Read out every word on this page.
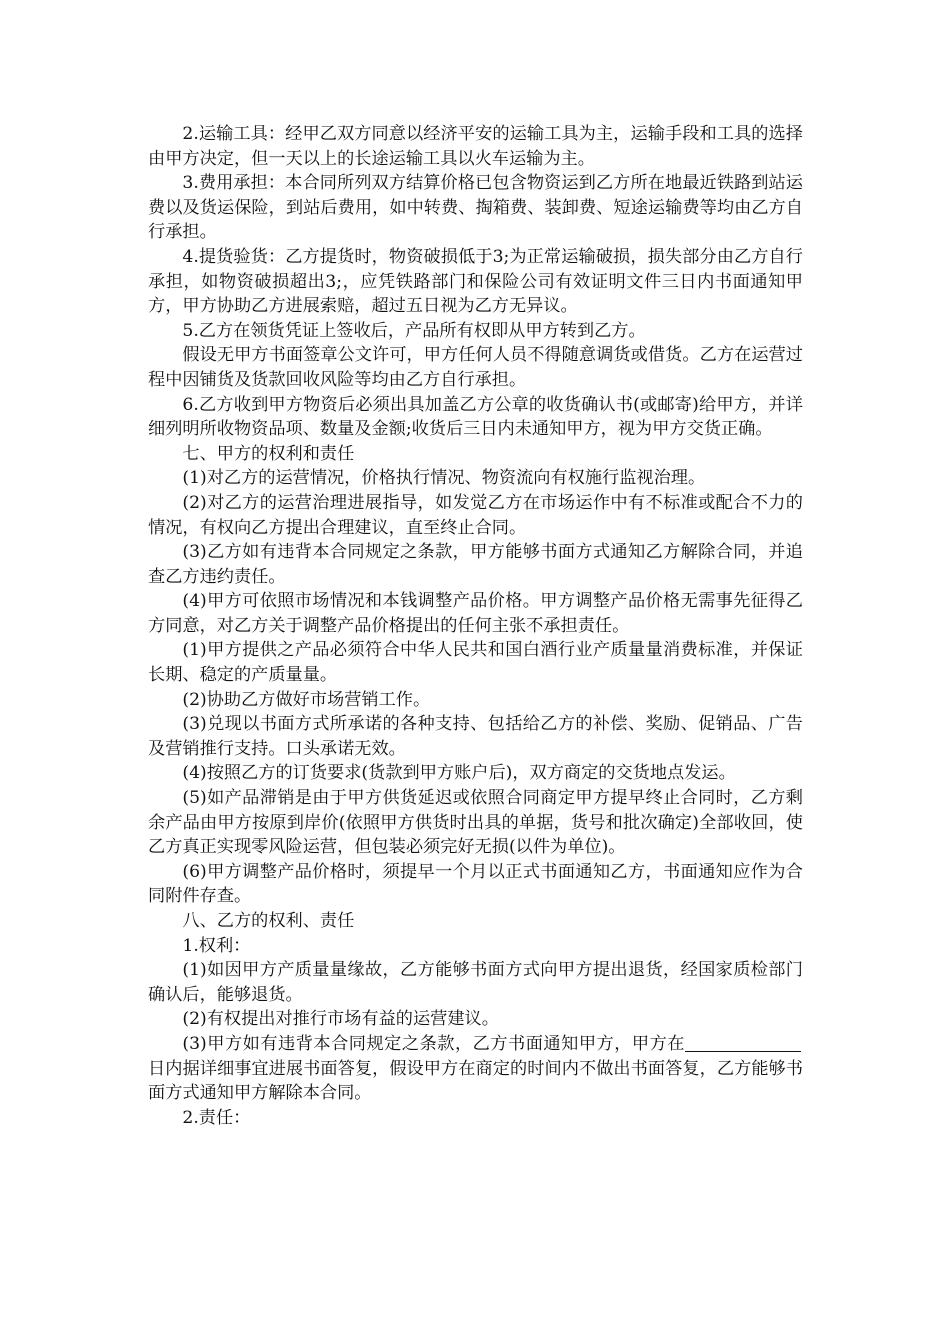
2.运输工具：经甲乙双方同意以经济平安的运输工具为主，运输手段和工具的选择由甲方决定，但一天以上的长途运输工具以火车运输为主。

3.费用承担：本合同所列双方结算价格已包含物资运到乙方所在地最近铁路到站运费以及货运保险，到站后费用，如中转费、掏箱费、装卸费、短途运输费等均由乙方自行承担。

4.提货验货：乙方提货时，物资破损低于3;为正常运输破损，损失部分由乙方自行承担，如物资破损超出3;，应凭铁路部门和保险公司有效证明文件三日内书面通知甲方，甲方协助乙方进展索赔，超过五日视为乙方无异议。

5.乙方在领货凭证上签收后，产品所有权即从甲方转到乙方。

假设无甲方书面签章公文许可，甲方任何人员不得随意调货或借货。乙方在运营过程中因铺货及货款回收风险等均由乙方自行承担。

6.乙方收到甲方物资后必须出具加盖乙方公章的收货确认书(或邮寄)给甲方，并详细列明所收物资品项、数量及金额;收货后三日内未通知甲方，视为甲方交货正确。

七、甲方的权利和责任

(1)对乙方的运营情况，价格执行情况、物资流向有权施行监视治理。

(2)对乙方的运营治理进展指导，如发觉乙方在市场运作中有不标准或配合不力的情况，有权向乙方提出合理建议，直至终止合同。

(3)乙方如有违背本合同规定之条款，甲方能够书面方式通知乙方解除合同，并追查乙方违约责任。

(4)甲方可依照市场情况和本钱调整产品价格。甲方调整产品价格无需事先征得乙方同意，对乙方关于调整产品价格提出的任何主张不承担责任。

(1)甲方提供之产品必须符合中华人民共和国白酒行业产质量量消费标准，并保证长期、稳定的产质量量。

(2)协助乙方做好市场营销工作。

(3)兑现以书面方式所承诺的各种支持、包括给乙方的补偿、奖励、促销品、广告及营销推行支持。口头承诺无效。

(4)按照乙方的订货要求(货款到甲方账户后)，双方商定的交货地点发运。

(5)如产品滞销是由于甲方供货延迟或依照合同商定甲方提早终止合同时，乙方剩余产品由甲方按原到岸价(依照甲方供货时出具的单据，货号和批次确定)全部收回，使乙方真正实现零风险运营，但包装必须完好无损(以件为单位)。

(6)甲方调整产品价格时，须提早一个月以正式书面通知乙方，书面通知应作为合同附件存查。

八、乙方的权利、责任

1.权利：

(1)如因甲方产质量量缘故，乙方能够书面方式向甲方提出退货，经国家质检部门确认后，能够退货。

(2)有权提出对推行市场有益的运营建议。

(3)甲方如有违背本合同规定之条款，乙方书面通知甲方，甲方在日内据详细事宜进展书面答复，假设甲方在商定的时间内不做出书面答复，乙方能够书面方式通知甲方解除本合同。

2.责任：
